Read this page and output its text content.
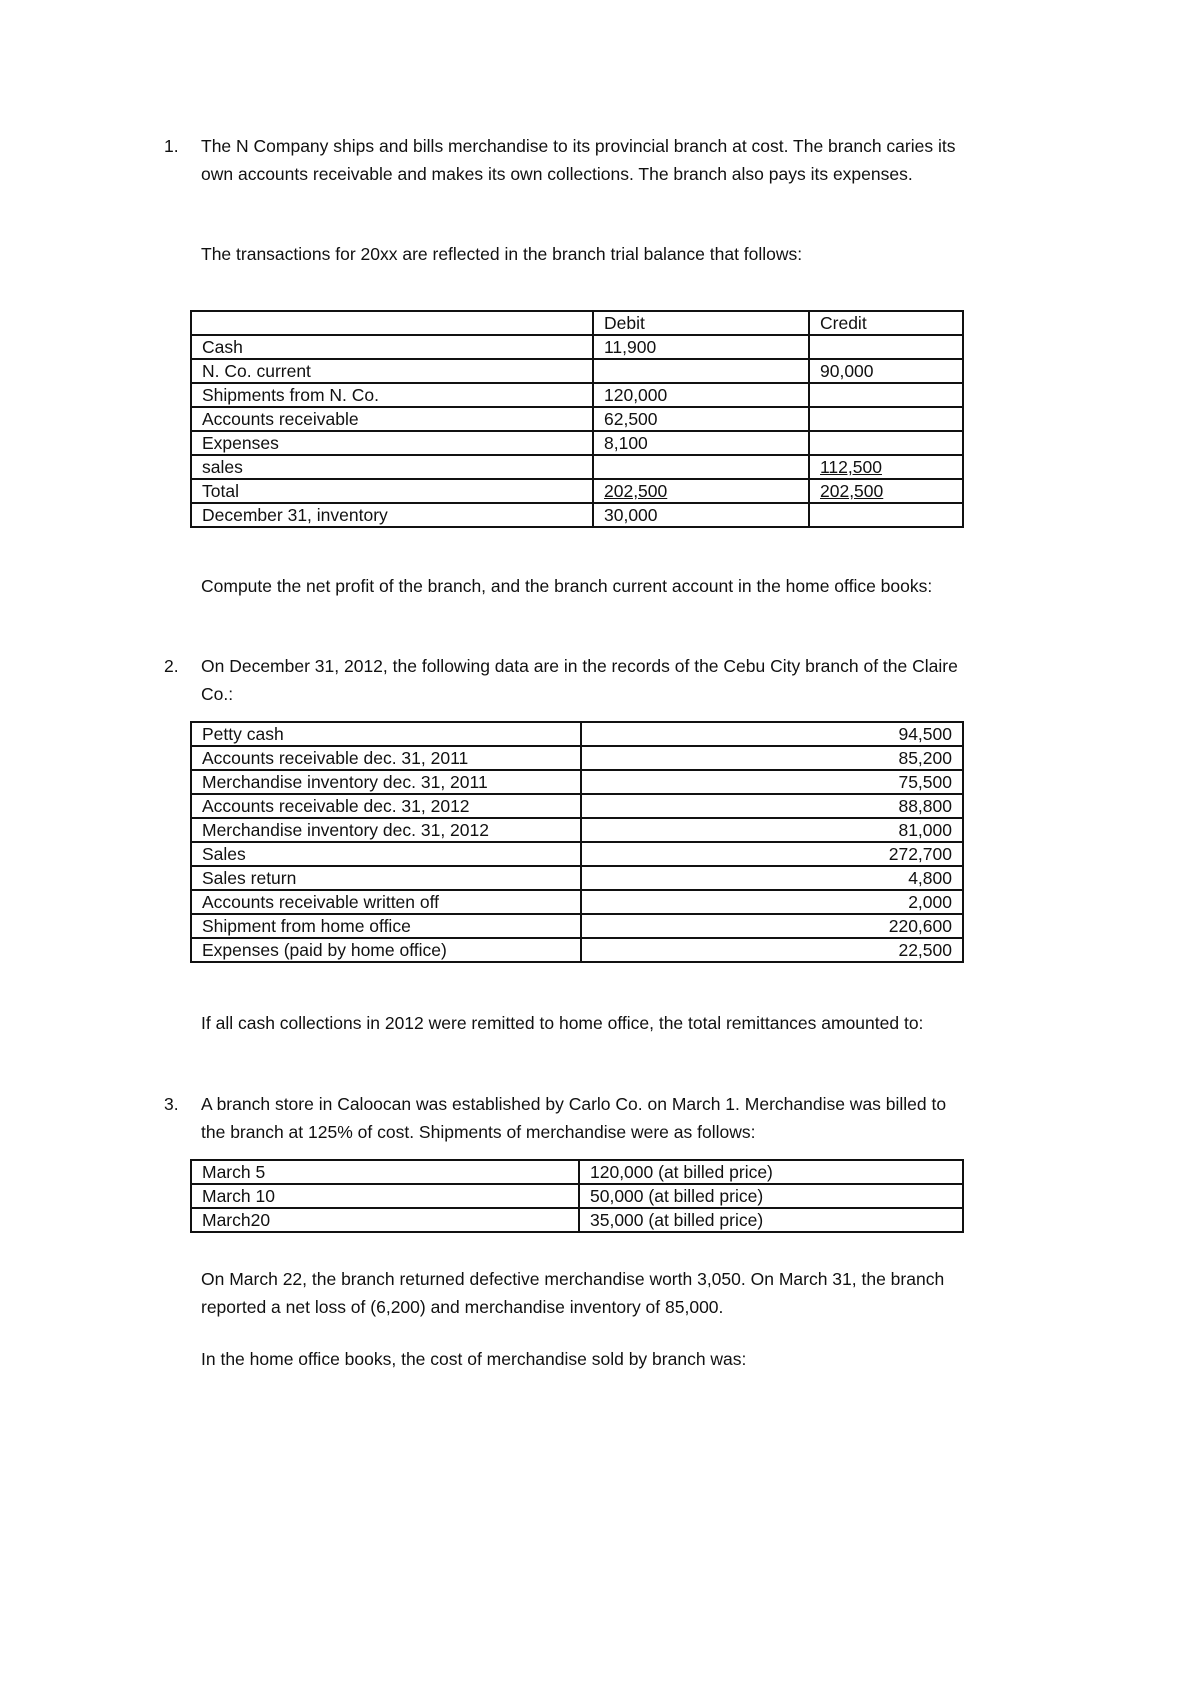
1. The N Company ships and bills merchandise to its provincial branch at cost. The branch caries its own accounts receivable and makes its own collections. The branch also pays its expenses.
The transactions for 20xx are reflected in the branch trial balance that follows:
	Debit	Credit
Cash	11,900	
N. Co. current		90,000
Shipments from N. Co.	120,000	
Accounts receivable	62,500	
Expenses	8,100	
sales		112,500
Total	202,500	202,500
December 31, inventory	30,000	
Compute the net profit of the branch, and the branch current account in the home office books:
2. On December 31, 2012, the following data are in the records of the Cebu City branch of the Claire Co.:
Petty cash	94,500
Accounts receivable dec. 31, 2011	85,200
Merchandise inventory dec. 31, 2011	75,500
Accounts receivable dec. 31, 2012	88,800
Merchandise inventory dec. 31, 2012	81,000
Sales	272,700
Sales return	4,800
Accounts receivable written off	2,000
Shipment from home office	220,600
Expenses (paid by home office)	22,500
If all cash collections in 2012 were remitted to home office, the total remittances amounted to:
3. A branch store in Caloocan was established by Carlo Co. on March 1. Merchandise was billed to the branch at 125% of cost. Shipments of merchandise were as follows:
March 5	120,000 (at billed price)
March 10	50,000 (at billed price)
March20	35,000 (at billed price)
On March 22, the branch returned defective merchandise worth 3,050. On March 31, the branch reported a net loss of (6,200) and merchandise inventory of 85,000.
In the home office books, the cost of merchandise sold by branch was:
